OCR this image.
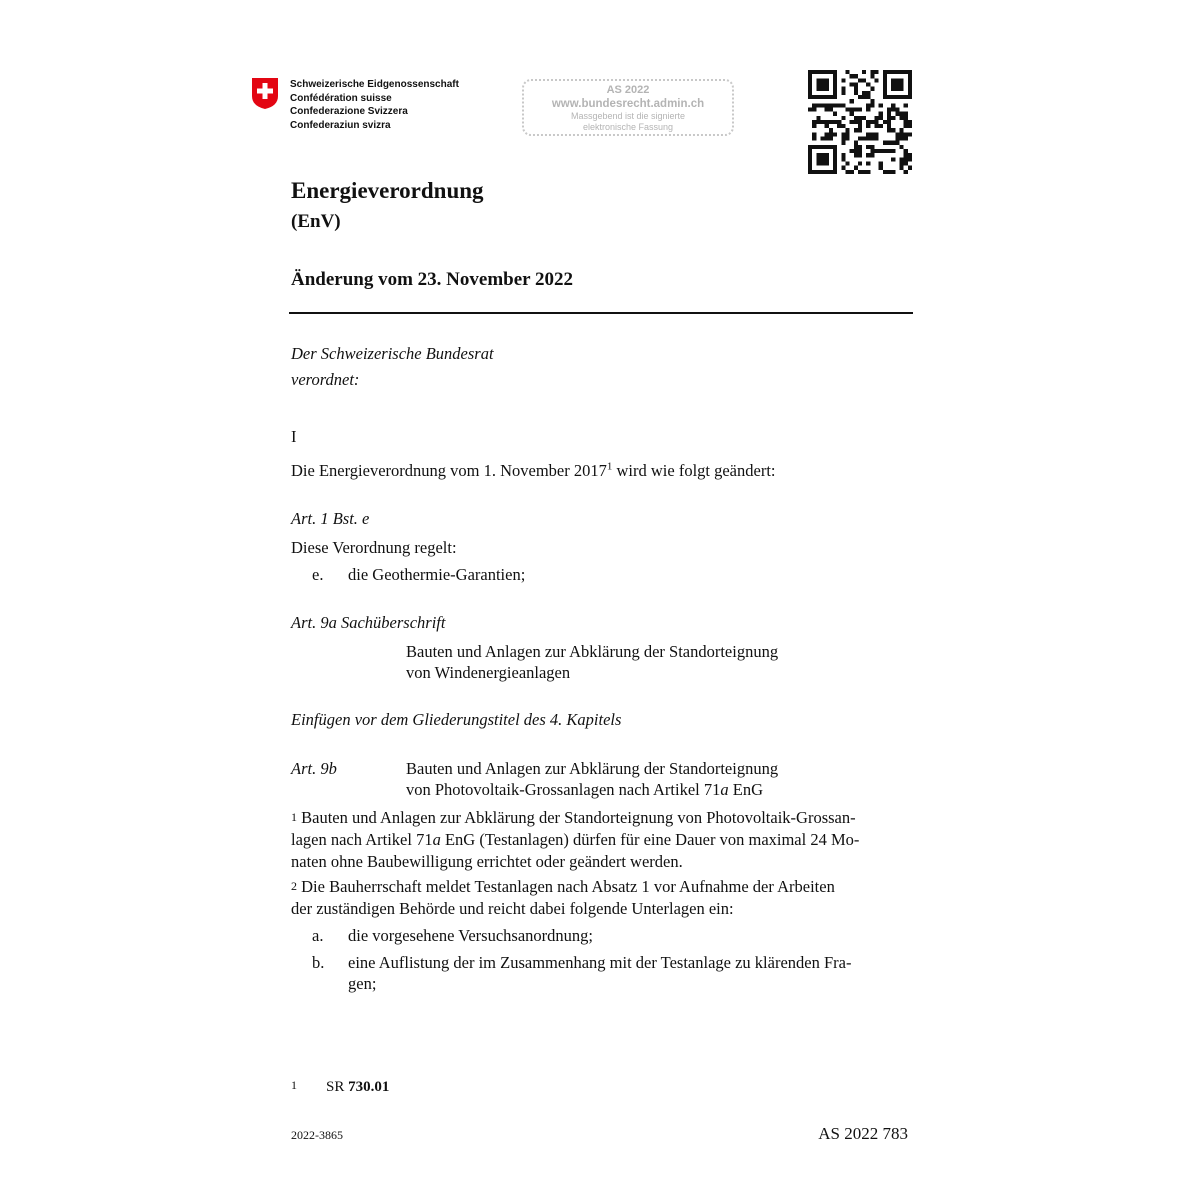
Schweizerische Eidgenossenschaft
Confédération suisse
Confederazione Svizzera
Confederaziun svizra
AS 2022
www.bundesrecht.admin.ch
Massgebend ist die signierte
elektronische Fassung
Energieverordnung
(EnV)
Änderung vom 23. November 2022
Der Schweizerische Bundesrat
verordnet:
I
Die Energieverordnung vom 1. November 2017$^1$ wird wie folgt geändert:
Art. 1 Bst. e
Diese Verordnung regelt:
e. die Geothermie-Garantien;
Art. 9a Sachüberschrift
Bauten und Anlagen zur Abklärung der Standorteignung
von Windenergieanlagen
Einfügen vor dem Gliederungstitel des 4. Kapitels
Art. 9b	Bauten und Anlagen zur Abklärung der Standorteignung
von Photovoltaik-Grossanlagen nach Artikel 71a EnG
1 Bauten und Anlagen zur Abklärung der Standorteignung von Photovoltaik-Grossan-
lagen nach Artikel 71a EnG (Testanlagen) dürfen für eine Dauer von maximal 24 Mo-
naten ohne Baubewilligung errichtet oder geändert werden.
2 Die Bauherrschaft meldet Testanlagen nach Absatz 1 vor Aufnahme der Arbeiten
der zuständigen Behörde und reicht dabei folgende Unterlagen ein:
a. die vorgesehene Versuchsanordnung;
b. eine Auflistung der im Zusammenhang mit der Testanlage zu klärenden Fra-
gen;
1 SR 730.01
2022-3865	AS 2022 783
